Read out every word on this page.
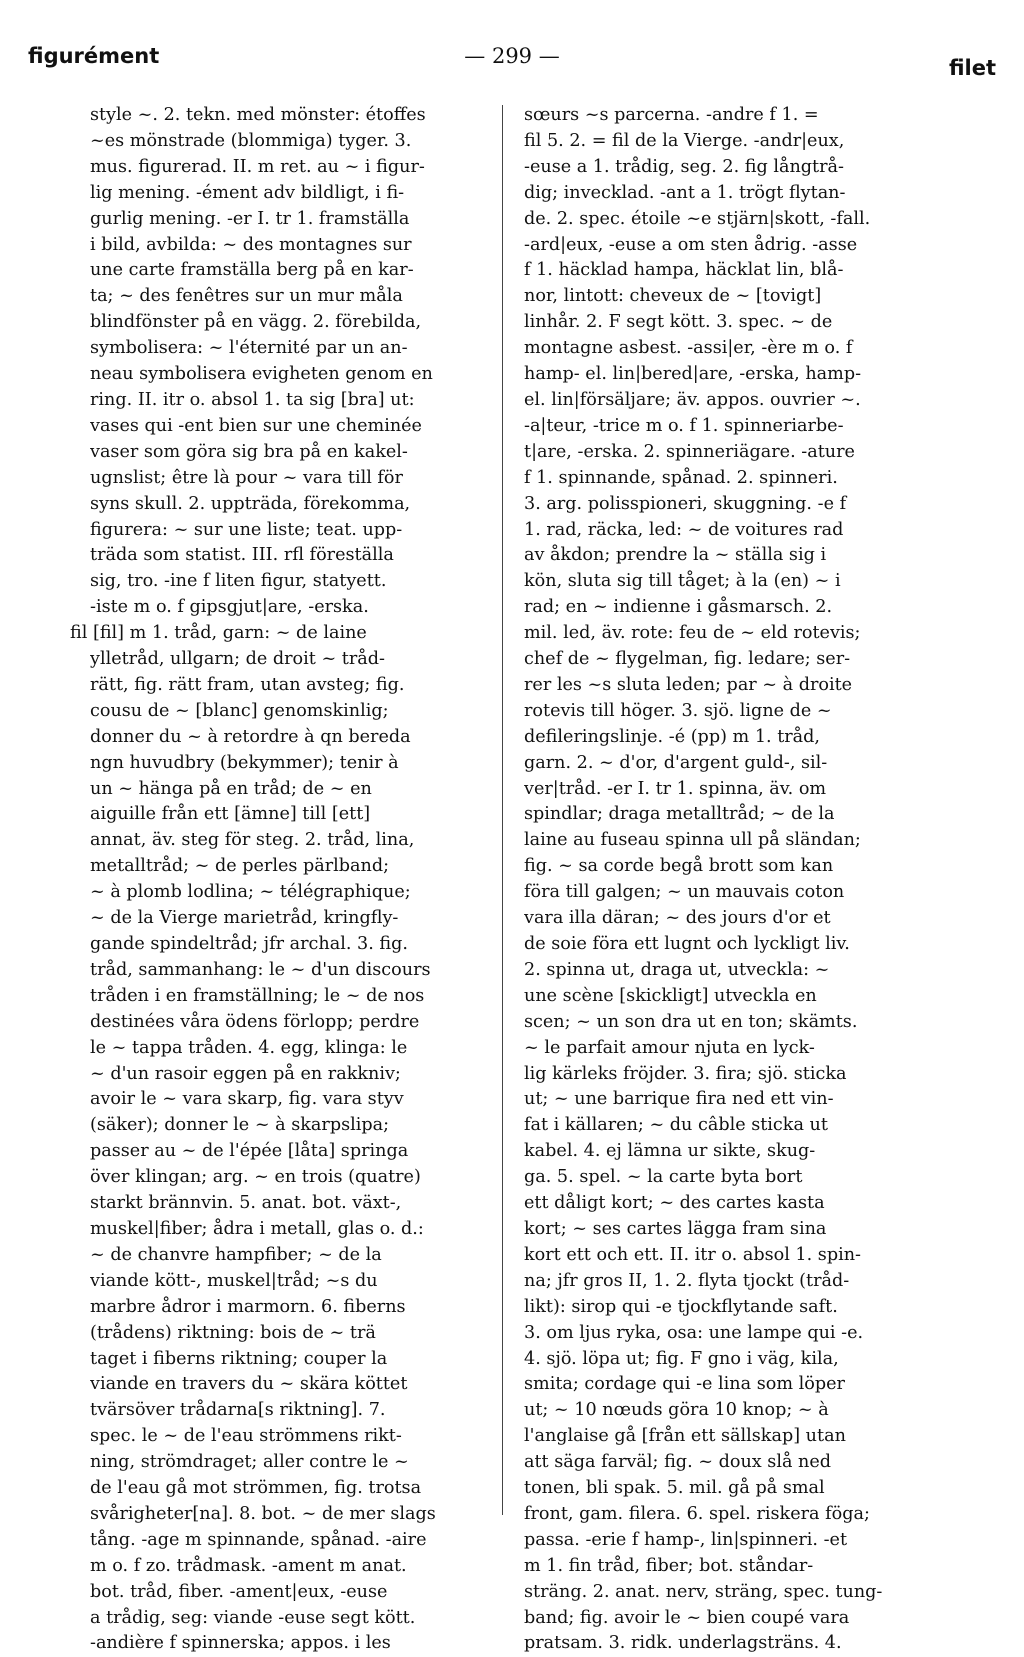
figurément	— 299 —	filet
style ~. 2. tekn. med mönster: étoffes
~es mönstrade (blommiga) tyger. 3.
mus. figurerad. II. m ret. au ~ i figur-
lig mening. -ément adv bildligt, i fi-
gurlig mening. -er I. tr 1. framställa
i bild, avbilda: ~ des montagnes sur
une carte framställa berg på en kar-
ta; ~ des fenêtres sur un mur måla
blindfönster på en vägg. 2. förebilda,
symbolisera: ~ l'éternité par un an-
neau symbolisera evigheten genom en
ring. II. itr o. absol 1. ta sig [bra] ut:
vases qui -ent bien sur une cheminée
vaser som göra sig bra på en kakel-
ugnslist; être là pour ~ vara till för
syns skull. 2. uppträda, förekomma,
figurera: ~ sur une liste; teat. upp-
träda som statist. III. rfl föreställa
sig, tro. -ine f liten figur, statyett.
-iste m o. f gipsgjut|are, -erska.
fil [fil] m 1. tråd, garn: ~ de laine
ylletråd, ullgarn; de droit ~ tråd-
rätt, fig. rätt fram, utan avsteg; fig.
cousu de ~ [blanc] genomskinlig;
donner du ~ à retordre à qn bereda
ngn huvudbry (bekymmer); tenir à
un ~ hänga på en tråd; de ~ en
aiguille från ett [ämne] till [ett]
annat, äv. steg för steg. 2. tråd, lina,
metalltråd; ~ de perles pärlband;
~ à plomb lodlina; ~ télégraphique;
~ de la Vierge marietråd, kringfly-
gande spindeltråd; jfr archal. 3. fig.
tråd, sammanhang: le ~ d'un discours
tråden i en framställning; le ~ de nos
destinées våra ödens förlopp; perdre
le ~ tappa tråden. 4. egg, klinga: le
~ d'un rasoir eggen på en rakkniv;
avoir le ~ vara skarp, fig. vara styv
(säker); donner le ~ à skarpslipa;
passer au ~ de l'épée [låta] springa
över klingan; arg. ~ en trois (quatre)
starkt brännvin. 5. anat. bot. växt-,
muskel|fiber; ådra i metall, glas o. d.:
~ de chanvre hampfiber; ~ de la
viande kött-, muskel|tråd; ~s du
marbre ådror i marmorn. 6. fiberns
(trådens) riktning: bois de ~ trä
taget i fiberns riktning; couper la
viande en travers du ~ skära köttet
tvärsöver trådarna[s riktning]. 7.
spec. le ~ de l'eau strömmens rikt-
ning, strömdraget; aller contre le ~
de l'eau gå mot strömmen, fig. trotsa
svårigheter[na]. 8. bot. ~ de mer slags
tång. -age m spinnande, spånad. -aire
m o. f zo. trådmask. -ament m anat.
bot. tråd, fiber. -ament|eux, -euse
a trådig, seg: viande -euse segt kött.
-andière f spinnerska; appos. i les
sœurs ~s parcerna. -andre f 1. =
fil 5. 2. = fil de la Vierge. -andr|eux,
-euse a 1. trådig, seg. 2. fig långtrå-
dig; invecklad. -ant a 1. trögt flytan-
de. 2. spec. étoile ~e stjärn|skott, -fall.
-ard|eux, -euse a om sten ådrig. -asse
f 1. häcklad hampa, häcklat lin, blå-
nor, lintott: cheveux de ~ [tovigt]
linhår. 2. F segt kött. 3. spec. ~ de
montagne asbest. -assi|er, -ère m o. f
hamp- el. lin|bered|are, -erska, hamp-
el. lin|försäljare; äv. appos. ouvrier ~.
-a|teur, -trice m o. f 1. spinneriarbe-
t|are, -erska. 2. spinneriägare. -ature
f 1. spinnande, spånad. 2. spinneri.
3. arg. polisspioneri, skuggning. -e f
1. rad, räcka, led: ~ de voitures rad
av åkdon; prendre la ~ ställa sig i
kön, sluta sig till tåget; à la (en) ~ i
rad; en ~ indienne i gåsmarsch. 2.
mil. led, äv. rote: feu de ~ eld rotevis;
chef de ~ flygelman, fig. ledare; ser-
rer les ~s sluta leden; par ~ à droite
rotevis till höger. 3. sjö. ligne de ~
defileringslinje. -é (pp) m 1. tråd,
garn. 2. ~ d'or, d'argent guld-, sil-
ver|tråd. -er I. tr 1. spinna, äv. om
spindlar; draga metalltråd; ~ de la
laine au fuseau spinna ull på sländan;
fig. ~ sa corde begå brott som kan
föra till galgen; ~ un mauvais coton
vara illa däran; ~ des jours d'or et
de soie föra ett lugnt och lyckligt liv.
2. spinna ut, draga ut, utveckla: ~
une scène [skickligt] utveckla en
scen; ~ un son dra ut en ton; skämts.
~ le parfait amour njuta en lyck-
lig kärleks fröjder. 3. fira; sjö. sticka
ut; ~ une barrique fira ned ett vin-
fat i källaren; ~ du câble sticka ut
kabel. 4. ej lämna ur sikte, skug-
ga. 5. spel. ~ la carte byta bort
ett dåligt kort; ~ des cartes kasta
kort; ~ ses cartes lägga fram sina
kort ett och ett. II. itr o. absol 1. spin-
na; jfr gros II, 1. 2. flyta tjockt (tråd-
likt): sirop qui -e tjockflytande saft.
3. om ljus ryka, osa: une lampe qui -e.
4. sjö. löpa ut; fig. F gno i väg, kila,
smita; cordage qui -e lina som löper
ut; ~ 10 nœuds göra 10 knop; ~ à
l'anglaise gå [från ett sällskap] utan
att säga farväl; fig. ~ doux slå ned
tonen, bli spak. 5. mil. gå på smal
front, gam. filera. 6. spel. riskera föga;
passa. -erie f hamp-, lin|spinneri. -et
m 1. fin tråd, fiber; bot. ståndar-
sträng. 2. anat. nerv, sträng, spec. tung-
band; fig. avoir le ~ bien coupé vara
pratsam. 3. ridk. underlagsträns. 4.
